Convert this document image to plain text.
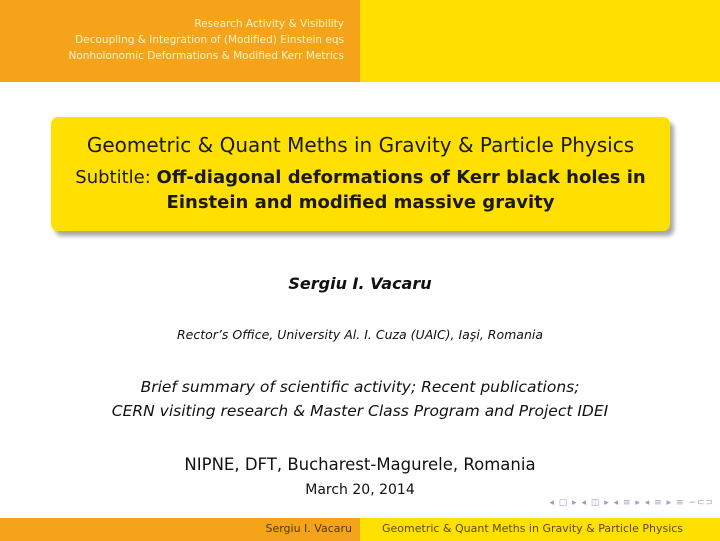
Research Activity & Visibility
Decoupling & Integration of (Modified) Einstein eqs
Nonholonomic Deformations & Modified Kerr Metrics
Geometric & Quant Meths in Gravity & Particle Physics
Subtitle: Off-diagonal deformations of Kerr black holes in Einstein and modified massive gravity
Sergiu I. Vacaru
Rector’s Office, University Al. I. Cuza (UAIC), Iaşi, Romania
Brief summary of scientific activity; Recent publications;
CERN visiting research & Master Class Program and Project IDEI
NIPNE, DFT, Bucharest-Magurele, Romania
March 20, 2014
◂ ▢ ▸ ◂ ◫ ▸ ◂ ≡ ▸ ◂ ≡ ▸ ≡ ∽⊂⊃
Sergiu I. Vacaru	Geometric & Quant Meths in Gravity & Particle Physics
